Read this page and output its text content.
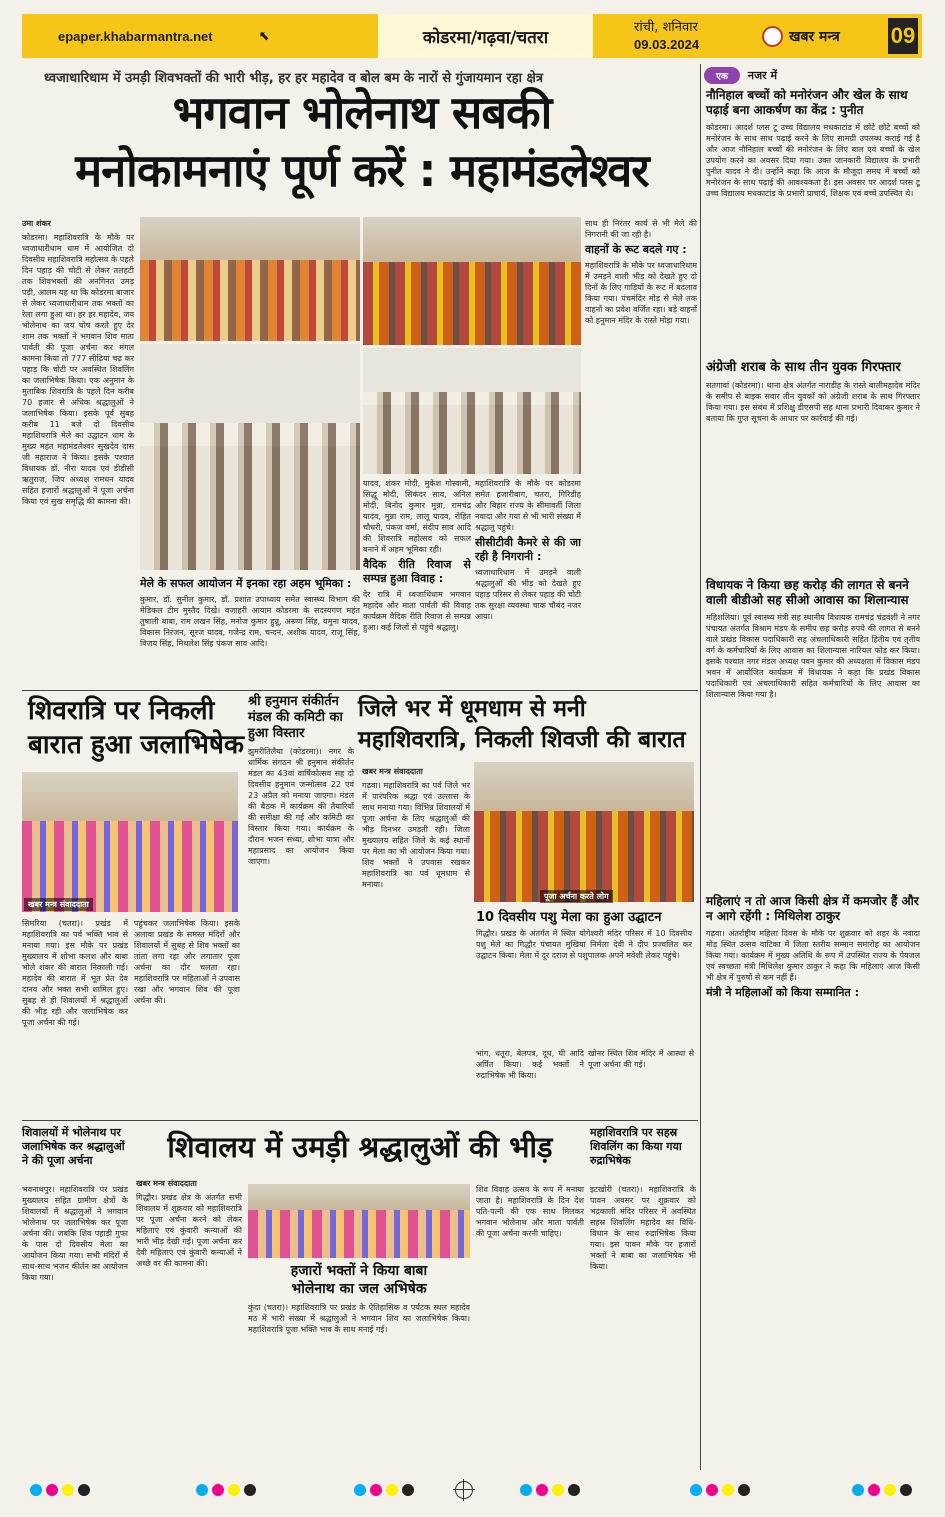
epaper.khabarmantra.net	⬉	कोडरमा/गढ़वा/चतरा	रांची, शनिवार
09.03.2024	खबर मन्त्र 09
ध्वजाधारिधाम में उमड़ी शिवभक्तों की भारी भीड़, हर हर महादेव व बोल बम के नारों से गुंजायमान रहा क्षेत्र
भगवान भोलेनाथ सबकी
मनोकामनाएं पूर्ण करें : महामंडलेश्वर
उमा शंकर
कोडरमा। महाशिवरात्रि के मौके पर ध्वजाधारीधाम धाम में आयोजित दो दिवसीय महाशिवरात्रि महोत्सव के पहले दिन पहाड़ की चोटी से लेकर तलहटी तक शिवभक्तों की अनगिनत उमड़ पड़ी, आलम यह था कि कोडरमा बाजार से लेकर ध्वजाधारीधाम तक भक्तों का रेला लगा हुआ था। हर हर महादेव, जय भोलेनाथ का जय घोष करते हुए देर शाम तक भक्तों ने भगवान शिव माता पार्वती की पूजा अर्चना कर मंगल कामना किया तो 777 सीढ़ियां चढ़ कर पहाड़ कि चोटी पर अवस्थित शिवलिंग का जलाभिषेक किया। एक अनुमान के मुताबिक शिवरात्रि के पहले दिन करीब 70 हजार से अधिक श्रद्धालुओं ने जलाभिषेक किया। इसके पूर्व सुबह करीब 11 बजे दो दिवसीय महाशिवरात्रि मेले का उद्घाटन धाम के मुख्य महंत महामंडलेश्वर सुखदेव दास जी महाराज ने किया। इसके पश्चात विधायक डॉ. नीरा यादव एवं डीडीसी ऋतुराज, जिप अध्यक्ष रामधन यादव सहित हजारों श्रद्धालुओं ने पूजा अर्चना किया एवं सुख समृद्धि की कामना की।
साथ ही निरंतर कार्य से भी मेले की निगरानी की जा रही है।
वाहनों के रूट बदले गए :
महाशिवरात्रि के मौके पर ध्वजाधारिधाम में उमड़ने वाली भीड़ को देखते हुए दो दिनों के लिए गाड़ियों के रूट में बदलाव किया गया। पंचमंदिर मोड़ से मेले तक वाहनों का प्रवेश वर्जित रहा। बड़े वाहनों को हनुमान मंदिर के रास्ते मोड़ा गया।
यादव, शंकर मोदी, मुकेश गोस्वामी, सिद्धू मोदी, सिकंदर साव, अनिल मोदी, बिनोद कुमार मुन्ना, रामचंद्र यादव, मुन्ना राम, लालू यादव, रोहित चौधरी, पंकज वर्मा, संदीप साव आदि की शिवरात्रि महोत्सव को सफल बनाने में अहम भूमिका रही।
वैदिक रीति रिवाज से सम्पन्न हुआ विवाह :
देर रात्रि में ध्वजाधिधाम भगवान महादेव और माता पार्वती की विवाह कार्यक्रम वैदिक रीति रिवाज से सम्पन्न हुआ। कई जिलों से पहुंचे श्रद्धालु।
महाशिवरात्रि के मौके पर कोडरमा समेत हजारीबाग, चतरा, गिरिडीह और बिहार राज्य के सीमावर्ती जिला नवादा और गया से भी भारी संख्या में श्रद्धालु पहुंचे।
सीसीटीवी कैमरे से की जा रही है निगरानी :
ध्वजाधारिधाम में उमड़ने वाली श्रद्धालुओं की भीड़ को देखते हुए पहाड़ परिसर से लेकर पहाड़ की चोटी तक सुरक्षा व्यवस्था चाक चौबंद नजर आया।
मेले के सफल आयोजन में इनका रहा अहम भूमिका :
कुमार, डॉ. सुनील कुमार, डॉ. प्रशांत उपाध्याय समेत स्वास्थ्य विभाग की मेडिकल टीम मुस्तैद दिखे। वजाहरी आयाम कोडरमा के सदस्यगण महंत तुषाली बाबा, राम लखन सिंह, मनोज कुमार हुन्नू, अरूण सिंह, यमुना यादव, विकास निरंजन, सूरज यादव, गजेन्द्र राम, चन्दन, अशोक यादव, राजू सिंह, विजय सिंह, मिथलेश सिंह पंकज साव आदि।
शिवरात्रि पर निकली
बारात हुआ जलाभिषेक
खबर मन्त्र संवाददाता
सिमरिया (चतरा)। प्रखंड में महाशिवरात्रि का पर्व भक्ति भाव से मनाया गया। इस मौके पर प्रखंड मुख्यालय में शोभा कलश और बाबा भोले शंकर की बारात निकाली गई। महादेव की बारात में भूत प्रेत देव दानव और भक्त सभी शामिल हुए। सुबह से ही शिवालयों में श्रद्धालुओं की भीड़ रही और जलाभिषेक कर पूजा अर्चना की गई।
पहुंचकर जलाभिषेक किया। इसके अलावा प्रखंड के समस्त मंदिरों और शिवालयों में सुबह से शिव भक्तों का तांता लगा रहा और लगातार पूजा अर्चना का दौर चलता रहा। महाशिवरात्रि पर महिलाओं ने उपवास रखा और भगवान शिव की पूजा अर्चना की।
श्री हनुमान संकीर्तन मंडल की कमिटी का हुआ विस्तार
झुमरीतिलैया (कोडरमा)। नगर के धार्मिक संगठन श्री हनुमान संकीर्तन मंडल का 43वां वार्षिकोत्सव सह दो दिवसीय हनुमान जन्मोत्सव 22 एवं 23 अप्रैल को मनाया जाएगा। मंडल की बैठक में कार्यक्रम की तैयारियों की समीक्षा की गई और कमिटी का विस्तार किया गया। कार्यक्रम के दौरान भजन संध्या, शोभा यात्रा और महाप्रसाद का आयोजन किया जाएगा।
जिले भर में धूमधाम से मनी
महाशिवरात्रि, निकली शिवजी की बारात
खबर मन्त्र संवाददाता
गढ़वा। महाशिवरात्रि का पर्व जिले भर में पारंपरिक श्रद्धा एवं उल्लास के साथ मनाया गया। विभिन्न शिवालयों में पूजा अर्चना के लिए श्रद्धालुओं की भीड़ दिनभर उमड़ती रही। जिला मुख्यालय सहित जिले के कई स्थानों पर मेला का भी आयोजन किया गया। शिव भक्तों ने उपवास रखकर महाशिवरात्रि का पर्व धूमधाम से मनाया।
पूजा अर्चना करते लोग
10 दिवसीय पशु मेला का हुआ उद्घाटन
गिद्धौर। प्रखंड के अंतर्गत में स्थित योगेश्वरी मंदिर परिसर में 10 दिवसीय पशु मेले का गिद्धौर पंचायत मुखिया निर्मला देवी ने दीप प्रज्वलित कर उद्घाटन किया। मेला में दूर दराज से पशुपालक अपने मवेशी लेकर पहुंचे।
भांग, धतूरा, बेलपत्र, दूध, घी आदि अर्पित किया। कई भक्तों ने रुद्राभिषेक भी किया।
खोनर स्थित शिव मंदिर में आस्था से पूजा अर्चना की गई।
शिवालयों में भोलेनाथ पर जलाभिषेक कर श्रद्धालुओं ने की पूजा अर्चना
भवनाथपुर। महाशिवरात्रि पर प्रखंड मुख्यालय सहित ग्रामीण क्षेत्रों के शिवालयों में श्रद्धालुओं ने भगवान भोलेनाथ पर जलाभिषेक कर पूजा अर्चना की। जबकि शिव पहाड़ी गुफा के पास दो दिवसीय मेला का आयोजन किया गया। सभी मंदिरों में साथ-साथ भजन कीर्तन का आयोजन किया गया।
शिवालय में उमड़ी श्रद्धालुओं की भीड़
खबर मन्त्र संवाददाता
गिद्धौर। प्रखंड क्षेत्र के अंतर्गत सभी शिवालय में शुक्रवार को महाशिवरात्रि पर पूजा अर्चना करने को लेकर महिलाएं एवं कुंवारी कन्याओं की भारी भीड़ देखी गई। पूजा अर्चना कर देवी महिलाएं एवं कुंवारी कन्याओं ने अच्छे वर की कामना की।	हजारों भक्तों ने किया बाबा
भोलेनाथ का जल अभिषेक
कुंदा (चतरा)। महाशिवरात्रि पर प्रखंड के ऐतिहासिक व पर्यटक स्थल महादेव मठ में भारी संख्या में श्रद्धालुओं ने भगवान शिव का जलाभिषेक किया। महाशिवरात्रि पूजा भक्ति भाव के साथ मनाई गई।
शिव विवाह उत्सव के रूप में मनाया जाता है। महाशिवरात्रि के दिन देश पति-पत्नी की एक साथ मिलकर भगवान भोलेनाथ और माता पार्वती की पूजा अर्चना करनी चाहिए।
महाशिवरात्रि पर सहस्र शिवलिंग का किया गया रुद्राभिषेक
इटखोरी (चतरा)। महाशिवरात्रि के पावन अवसर पर शुक्रवार को भद्रकाली मंदिर परिसर में अवस्थित सहस्र शिवलिंग महादेव का विधि-विधान के साथ रुद्राभिषेक किया गया। इस पावन मौके पर हजारों भक्तों ने बाबा का जलाभिषेक भी किया।
एक	नजर में
नौनिहाल बच्चों को मनोरंजन और खेल के साथ पढ़ाई बना आकर्षण का केंद्र : पुनीत
कोडरमा। आदर्श प्लस टू उच्च विद्यालय मधकाटांड में छोटे छोटे बच्चों को मनोरंजन के साथ साथ पढ़ाई करने के लिए सामग्री उपलब्ध कराई गई है और आज नौनिहाल बच्चों की मनोरंजन के लिए बाल एवं बच्चों के खेल उपयोग करने का अवसर दिया गया। उक्त जानकारी विद्यालय के प्रभारी पुनीत यादव ने दी। उन्होंने कहा कि आज के मौजूदा समय में बच्चों को मनोरंजन के साथ पढ़ाई की आवश्यकता है। इस अवसर पर आदर्श प्लस टू उच्च विद्यालय मधकाटांड के प्रभारी प्राचार्य, शिक्षक एवं बच्चे उपस्थित थे।
अंग्रेजी शराब के साथ तीन युवक गिरफ्तार
सतगावां (कोडरमा)। थाना क्षेत्र अंतर्गत नाराडीह के रास्ते बालीमहादेव मंदिर के समीप से बाइक सवार तीन युवकों को अंग्रेजी शराब के साथ गिरफ्तार किया गया। इस संबंध में प्रशिक्षु डीएसपी सह थाना प्रभारी दिवाकर कुमार ने बताया कि गुप्त सूचना के आधार पर कार्रवाई की गई।
विधायक ने किया छह करोड़ की लागत से बनने वाली बीडीओ सह सीओ आवास का शिलान्यास
महिशलिया। पूर्व स्वास्थ्य मंत्री सह स्थानीय विधायक रामचंद्र चंद्रवंशी ने नगर पंचायत अंतर्गत विश्राम मंडप के समीप छह करोड़ रुपये की लागत से बनने वाले प्रखंड विकास पदाधिकारी सह अंचलाधिकारी सहित हितीय एवं तृतीय वर्ग के कर्मचारियों के लिए आवास का शिलान्यास नारियल फोड़ कर किया। इसके पश्चात नगर मंडल अध्यक्ष पवन कुमार की अध्यक्षता में विकास मंडप भवन में आयोजित कार्यक्रम में विधायक ने कहा कि प्रखंड विकास पदाधिकारी एवं अंचलाधिकारी सहित कर्मचारियों के लिए आवास का शिलान्यास किया गया है।
महिलाएं न तो आज किसी क्षेत्र में कमजोर हैं और न आगे रहेंगी : मिथिलेश ठाकुर
गढ़वा। अंतर्राष्ट्रीय महिला दिवस के मौके पर शुक्रवार को शहर के नवादा मोड़ स्थित उत्सव वाटिका में जिला स्तरीय सम्मान समारोह का आयोजन किया गया। कार्यक्रम में मुख्य अतिथि के रूप में उपस्थित राज्य के पेयजल एवं स्वच्छता मंत्री मिथिलेश कुमार ठाकुर ने कहा कि महिलाएं आज किसी भी क्षेत्र में पुरुषों से कम नहीं हैं।
मंत्री ने महिलाओं को किया सम्मानित :
